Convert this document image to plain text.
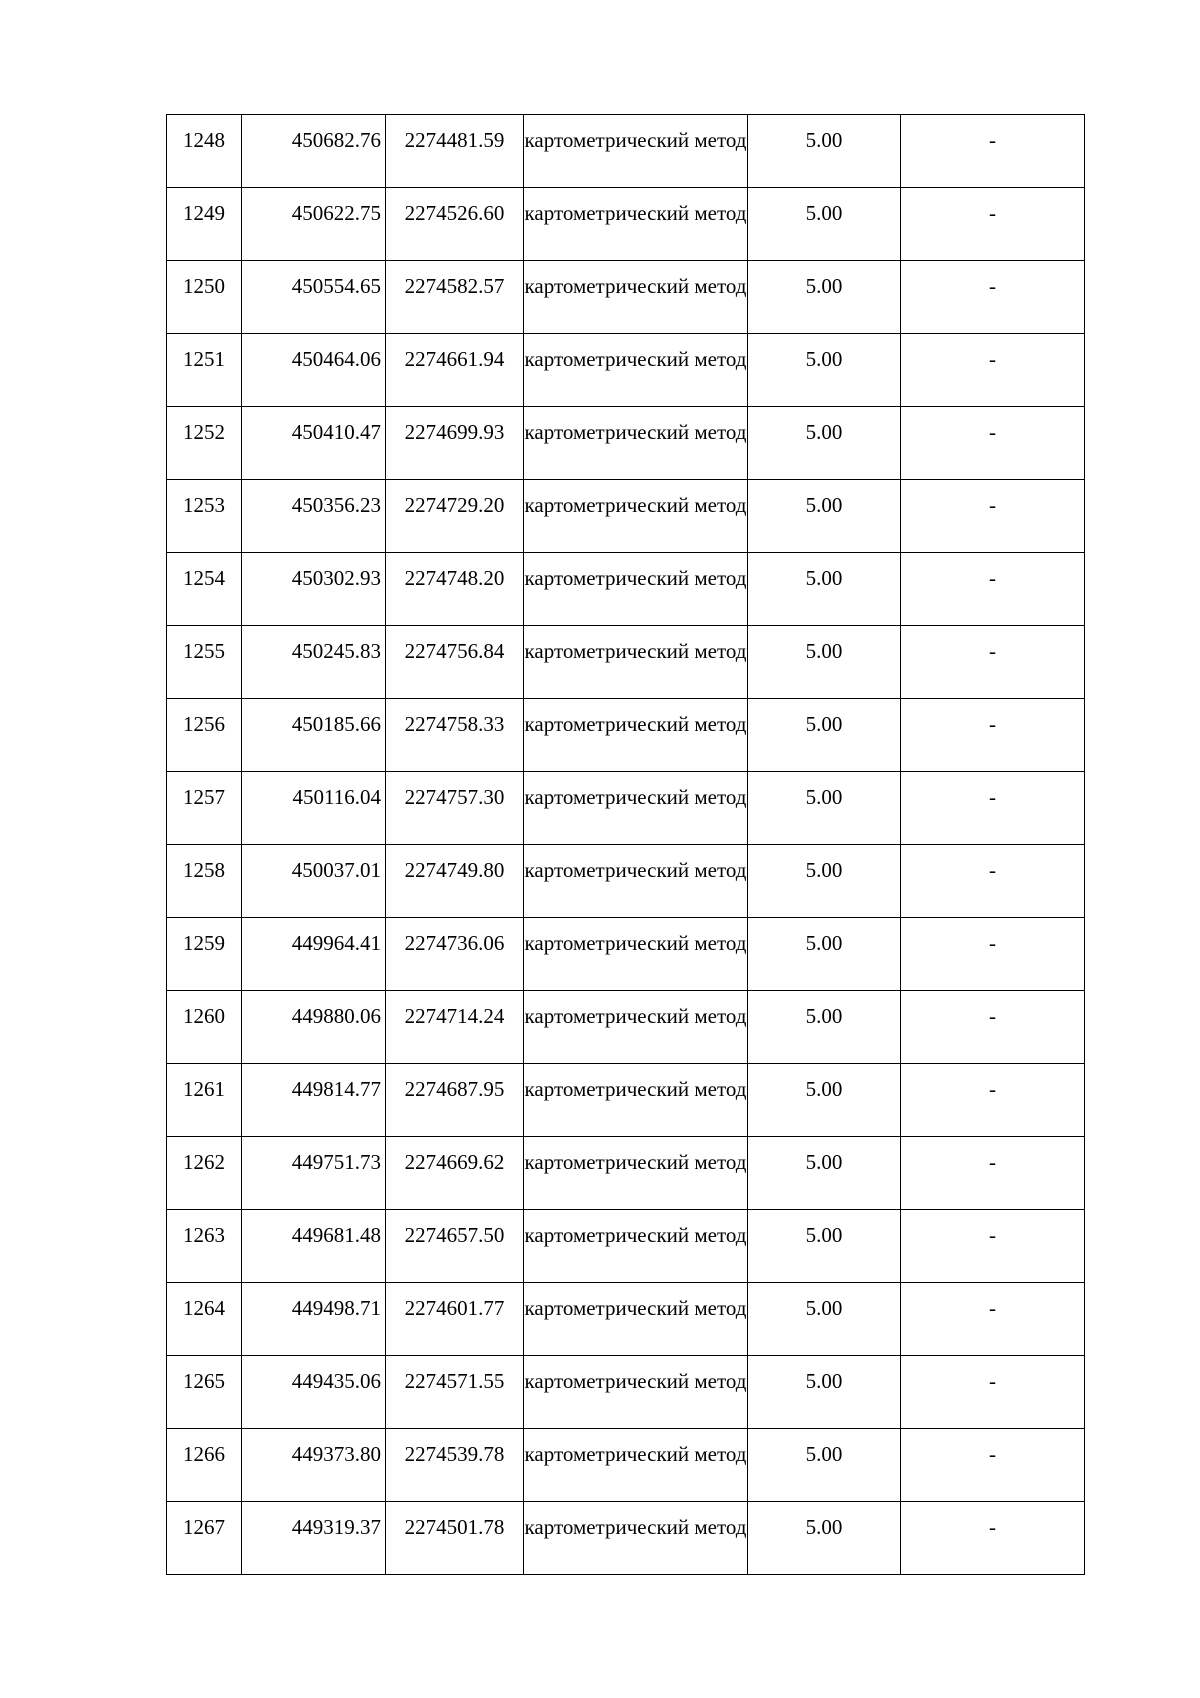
1248	450682.76	2274481.59	картометрический метод	5.00	-
1249	450622.75	2274526.60	картометрический метод	5.00	-
1250	450554.65	2274582.57	картометрический метод	5.00	-
1251	450464.06	2274661.94	картометрический метод	5.00	-
1252	450410.47	2274699.93	картометрический метод	5.00	-
1253	450356.23	2274729.20	картометрический метод	5.00	-
1254	450302.93	2274748.20	картометрический метод	5.00	-
1255	450245.83	2274756.84	картометрический метод	5.00	-
1256	450185.66	2274758.33	картометрический метод	5.00	-
1257	450116.04	2274757.30	картометрический метод	5.00	-
1258	450037.01	2274749.80	картометрический метод	5.00	-
1259	449964.41	2274736.06	картометрический метод	5.00	-
1260	449880.06	2274714.24	картометрический метод	5.00	-
1261	449814.77	2274687.95	картометрический метод	5.00	-
1262	449751.73	2274669.62	картометрический метод	5.00	-
1263	449681.48	2274657.50	картометрический метод	5.00	-
1264	449498.71	2274601.77	картометрический метод	5.00	-
1265	449435.06	2274571.55	картометрический метод	5.00	-
1266	449373.80	2274539.78	картометрический метод	5.00	-
1267	449319.37	2274501.78	картометрический метод	5.00	-
